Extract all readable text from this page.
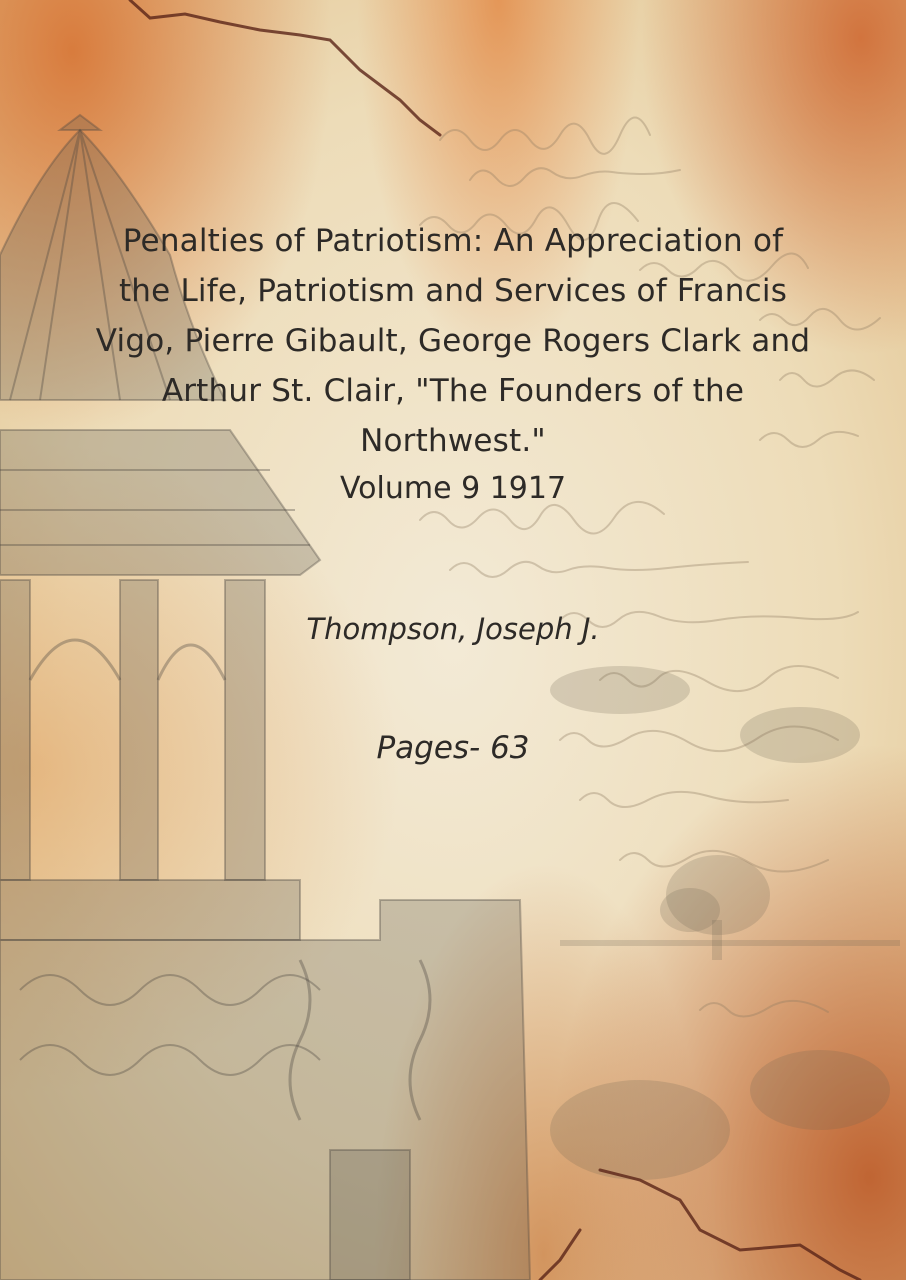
Penalties of Patriotism: An Appreciation of the Life, Patriotism and Services of Francis Vigo, Pierre Gibault, George Rogers Clark and Arthur St. Clair, "The Founders of the Northwest."
Volume 9 1917
Thompson, Joseph J.
Pages- 63
